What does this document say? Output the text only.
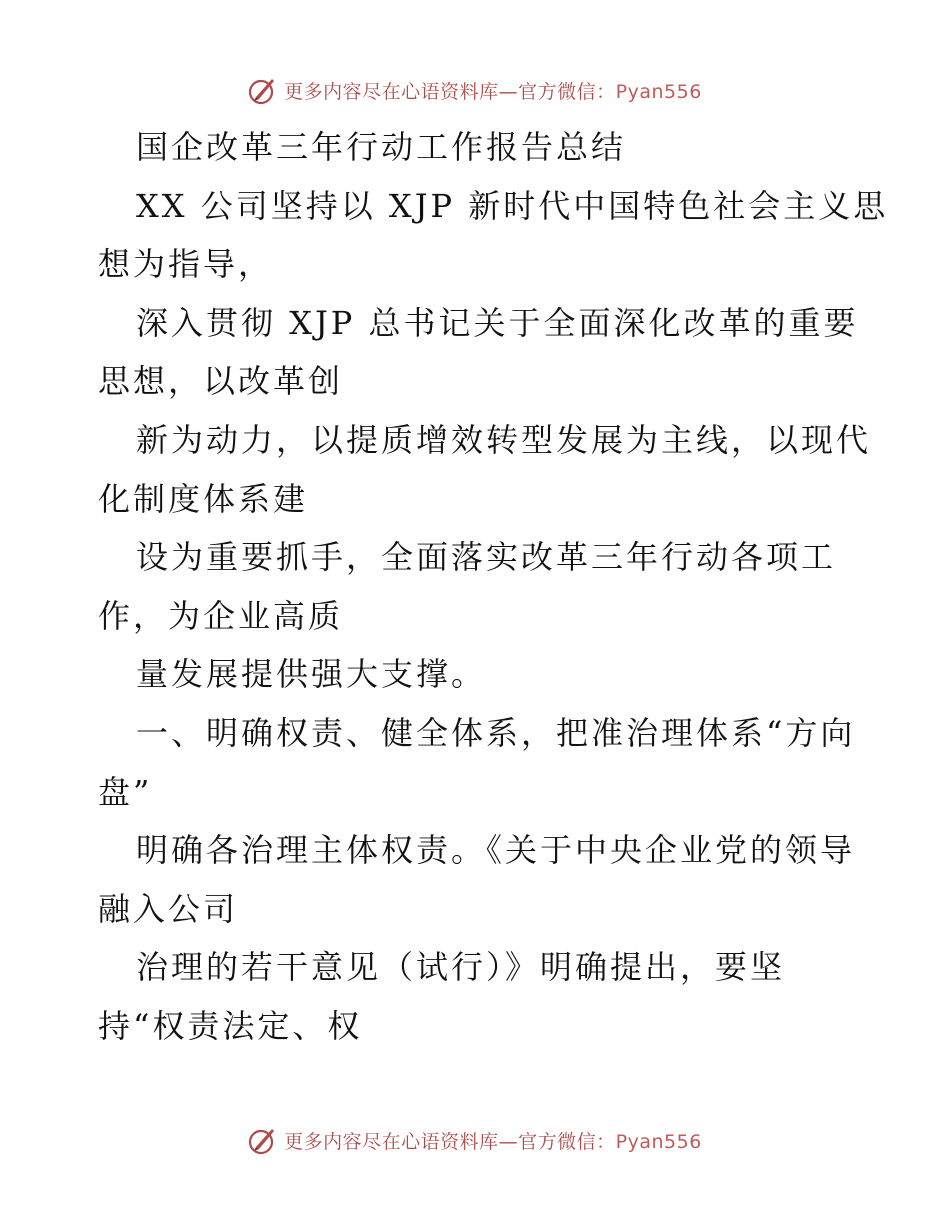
更多内容尽在心语资料库—官方微信：Pyan556
国企改革三年行动工作报告总结
XX 公司坚持以 XJP 新时代中国特色社会主义思
想为指导，
深入贯彻 XJP 总书记关于全面深化改革的重要
思想，以改革创
新为动力，以提质增效转型发展为主线，以现代
化制度体系建
设为重要抓手，全面落实改革三年行动各项工
作，为企业高质
量发展提供强大支撑。
一、明确权责、健全体系，把准治理体系“方向
盘”
明确各治理主体权责。《关于中央企业党的领导
融入公司
治理的若干意见（试行）》明确提出，要坚
持“权责法定、权
更多内容尽在心语资料库—官方微信：Pyan556
